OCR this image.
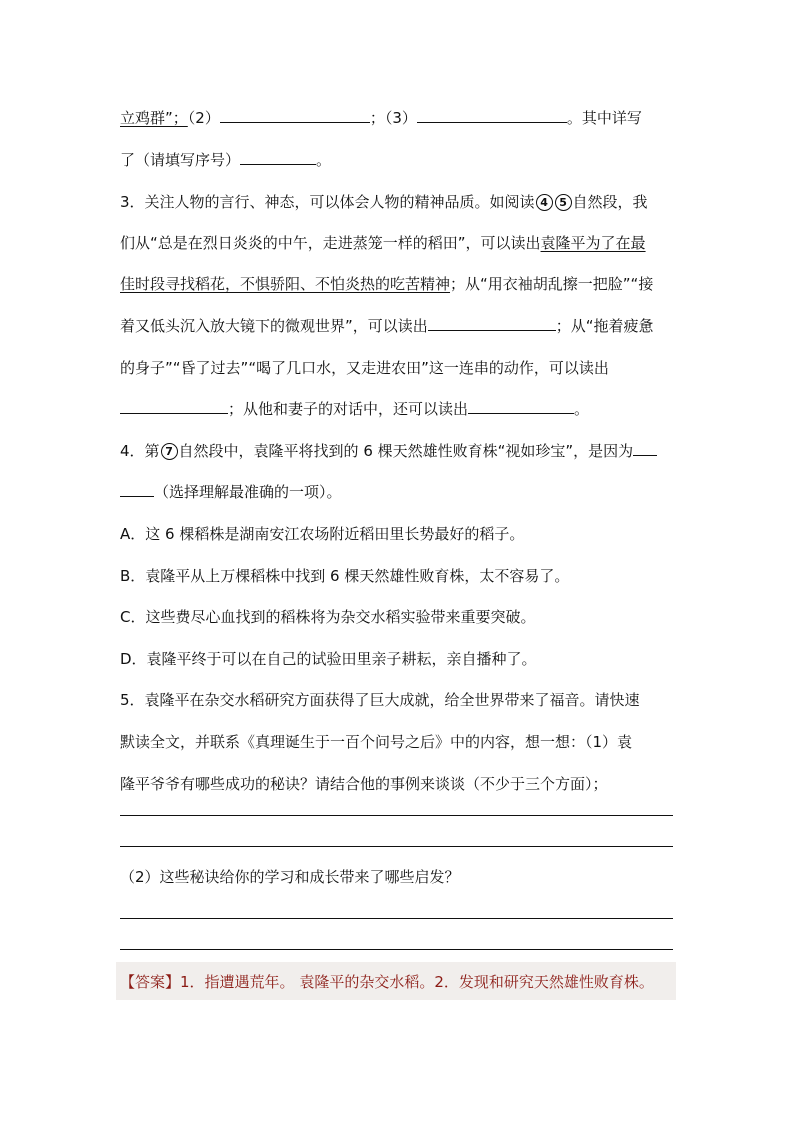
立鸡群”；（2）	；（3）	。其中详写
了（请填写序号）	。
3．关注人物的言行、神态，可以体会人物的精神品质。如阅读 4 5 自然段，我
们从“总是在烈日炎炎的中午，走进蒸笼一样的稻田”，可以读出袁隆平为了在最
佳时段寻找稻花，不惧骄阳、不怕炎热的吃苦精神；从“用衣袖胡乱擦一把脸”“接
着又低头沉入放大镜下的微观世界”，可以读出	；从“拖着疲惫
的身子”“昏了过去”“喝了几口水，又走进农田”这一连串的动作，可以读出
；从他和妻子的对话中，还可以读出	。
4．第 7 自然段中，袁隆平将找到的 6 棵天然雄性败育株“视如珍宝”，是因为
（选择理解最准确的一项）。
A．这 6 棵稻株是湖南安江农场附近稻田里长势最好的稻子。
B．袁隆平从上万棵稻株中找到 6 棵天然雄性败育株，太不容易了。
C．这些费尽心血找到的稻株将为杂交水稻实验带来重要突破。
D．袁隆平终于可以在自己的试验田里亲子耕耘，亲自播种了。
5．袁隆平在杂交水稻研究方面获得了巨大成就，给全世界带来了福音。请快速
默读全文，并联系《真理诞生于一百个问号之后》中的内容，想一想：（1）袁
隆平爷爷有哪些成功的秘诀？请结合他的事例来谈谈（不少于三个方面）；
（2）这些秘诀给你的学习和成长带来了哪些启发？
【答案】1．指遭遇荒年。 袁隆平的杂交水稻。2．发现和研究天然雄性败育株。
